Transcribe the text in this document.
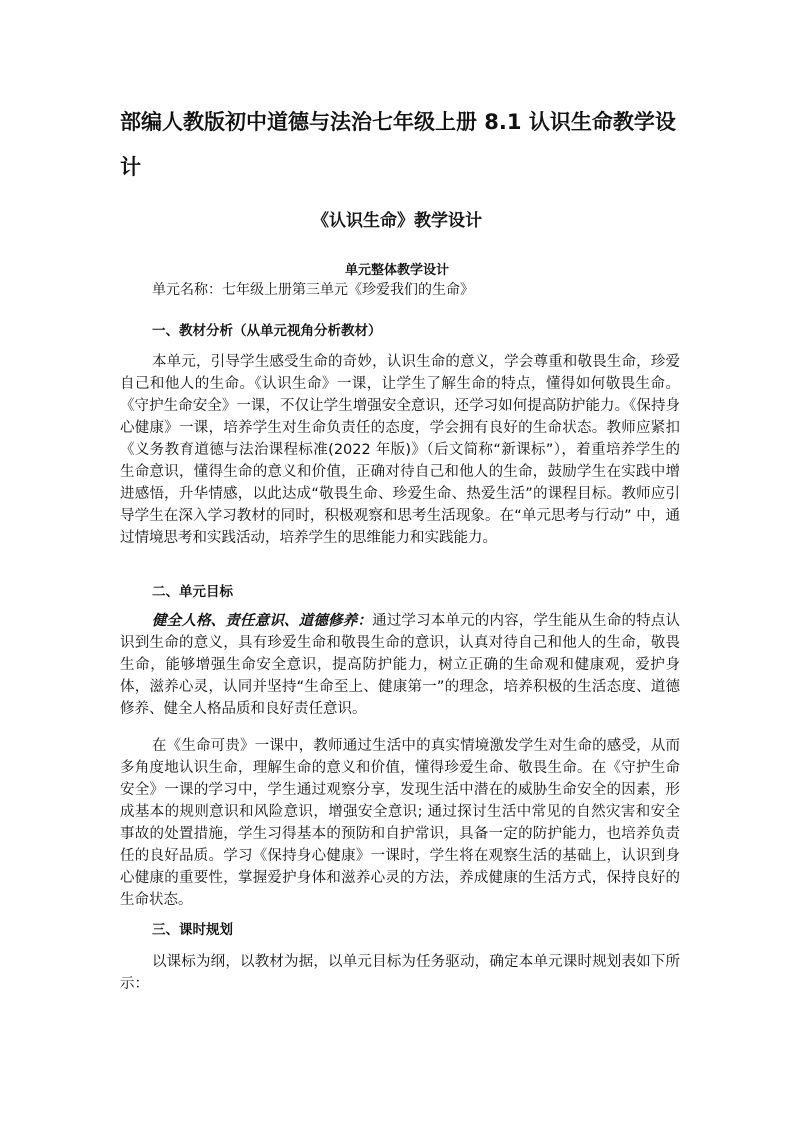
部编人教版初中道德与法治七年级上册 8.1 认识生命教学设计
《认识生命》教学设计
单元整体教学设计
单元名称：七年级上册第三单元《珍爱我们的生命》
一、教材分析（从单元视角分析教材）

本单元，引导学生感受生命的奇妙，认识生命的意义，学会尊重和敬畏生命，珍爱自己和他人的生命。《认识生命》一课，让学生了解生命的特点，懂得如何敬畏生命。《守护生命安全》一课，不仅让学生增强安全意识，还学习如何提高防护能力。《保持身心健康》一课，培养学生对生命负责任的态度，学会拥有良好的生命状态。教师应紧扣《义务教育道德与法治课程标准(2022 年版)》（后文简称“新课标”），着重培养学生的生命意识，懂得生命的意义和价值，正确对待自己和他人的生命，鼓励学生在实践中增进感悟，升华情感，以此达成“敬畏生命、珍爱生命、热爱生活”的课程目标。教师应引导学生在深入学习教材的同时，积极观察和思考生活现象。在“单元思考与行动” 中，通过情境思考和实践活动，培养学生的思维能力和实践能力。

二、单元目标

健全人格、责任意识、道德修养：通过学习本单元的内容，学生能从生命的特点认识到生命的意义，具有珍爱生命和敬畏生命的意识，认真对待自己和他人的生命，敬畏生命，能够增强生命安全意识，提高防护能力，树立正确的生命观和健康观，爱护身体，滋养心灵，认同并坚持“生命至上、健康第一”的理念，培养积极的生活态度、道德修养、健全人格品质和良好责任意识。

在《生命可贵》一课中，教师通过生活中的真实情境激发学生对生命的感受，从而多角度地认识生命，理解生命的意义和价值，懂得珍爱生命、敬畏生命。在《守护生命安全》一课的学习中，学生通过观察分享，发现生活中潜在的威胁生命安全的因素，形成基本的规则意识和风险意识，增强安全意识; 通过探讨生活中常见的自然灾害和安全事故的处置措施，学生习得基本的预防和自护常识，具备一定的防护能力，也培养负责任的良好品质。学习《保持身心健康》一课时，学生将在观察生活的基础上，认识到身心健康的重要性，掌握爱护身体和滋养心灵的方法，养成健康的生活方式，保持良好的生命状态。

三、课时规划

以课标为纲，以教材为据，以单元目标为任务驱动，确定本单元课时规划表如下所示：
